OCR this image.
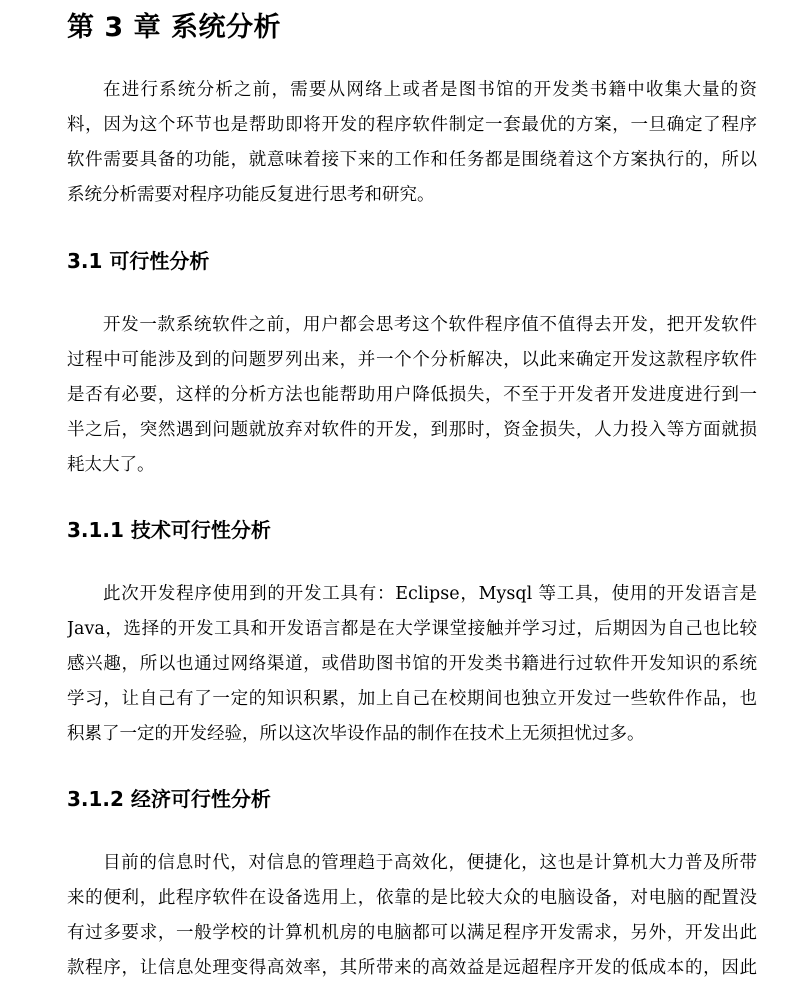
第 3 章 系统分析
在进行系统分析之前，需要从网络上或者是图书馆的开发类书籍中收集大量的资
料，因为这个环节也是帮助即将开发的程序软件制定一套最优的方案，一旦确定了程序
软件需要具备的功能，就意味着接下来的工作和任务都是围绕着这个方案执行的，所以
系统分析需要对程序功能反复进行思考和研究。
3.1 可行性分析
开发一款系统软件之前，用户都会思考这个软件程序值不值得去开发，把开发软件
过程中可能涉及到的问题罗列出来，并一个个分析解决，以此来确定开发这款程序软件
是否有必要，这样的分析方法也能帮助用户降低损失，不至于开发者开发进度进行到一
半之后，突然遇到问题就放弃对软件的开发，到那时，资金损失，人力投入等方面就损
耗太大了。
3.1.1 技术可行性分析
此次开发程序使用到的开发工具有：Eclipse，Mysql 等工具，使用的开发语言是
Java，选择的开发工具和开发语言都是在大学课堂接触并学习过，后期因为自己也比较
感兴趣，所以也通过网络渠道，或借助图书馆的开发类书籍进行过软件开发知识的系统
学习，让自己有了一定的知识积累，加上自己在校期间也独立开发过一些软件作品，也
积累了一定的开发经验，所以这次毕设作品的制作在技术上无须担忧过多。
3.1.2 经济可行性分析
目前的信息时代，对信息的管理趋于高效化，便捷化，这也是计算机大力普及所带
来的便利，此程序软件在设备选用上，依靠的是比较大众的电脑设备，对电脑的配置没
有过多要求，一般学校的计算机机房的电脑都可以满足程序开发需求，另外，开发出此
款程序，让信息处理变得高效率，其所带来的高效益是远超程序开发的低成本的，因此
